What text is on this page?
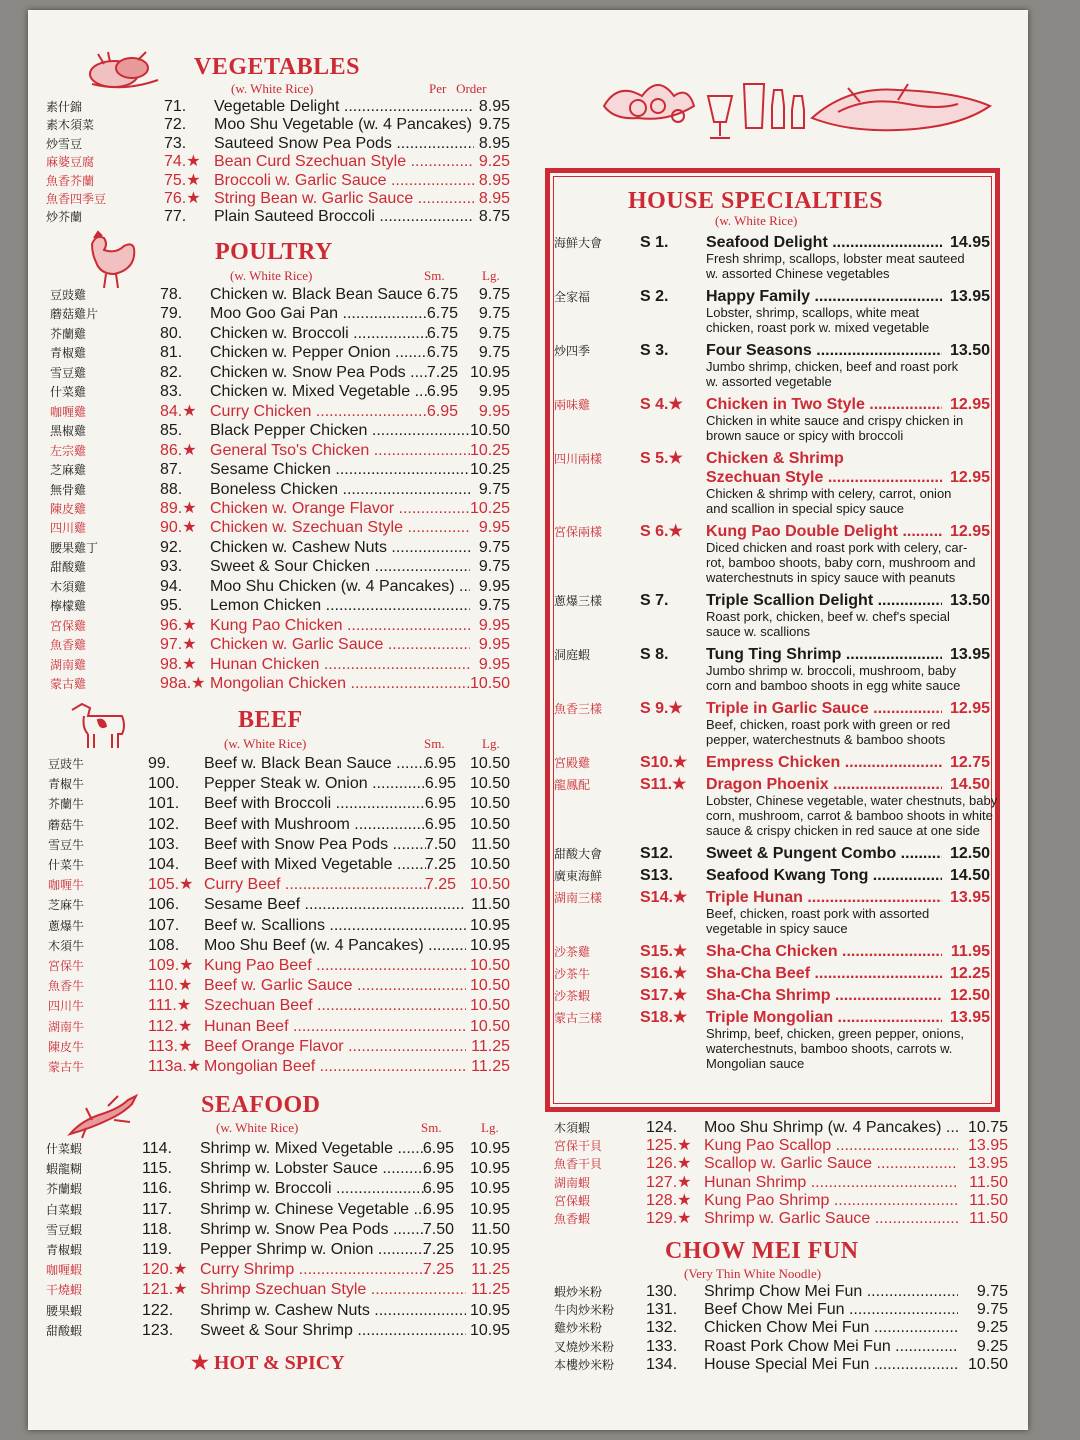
VEGETABLES
(w. White Rice)	Per   Order
素什錦	71. Vegetable Delight .....	8.95
素木須菜	72. Moo Shu Vegetable (w. 4 Pancakes) ..... 9.75
炒雪豆	73. Sauteed Snow Pea Pods .....	8.95
麻婆豆腐	74.★ Bean Curd Szechuan Style .....	9.25
魚香芥蘭	75.★ Broccoli w. Garlic Sauce .....	8.95
魚香四季豆	76.★ String Bean w. Garlic Sauce .....	8.95
炒芥蘭	77. Plain Sauteed Broccoli .....	8.75
POULTRY
(w. White Rice)	Sm.	Lg.
豆豉雞	78. Chicken w. Black Bean Sauce ..... 6.75 9.75
蘑菇雞片	79. Moo Goo Gai Pan .....	6.75 9.75
芥蘭雞	80. Chicken w. Broccoli .....	6.75 9.75
青椒雞	81. Chicken w. Pepper Onion .....	6.75 9.75
雪豆雞	82. Chicken w. Snow Pea Pods .....	7.25 10.95
什菜雞	83. Chicken w. Mixed Vegetable .....	6.95 9.95
咖喱雞	84.★ Curry Chicken .....	6.95 9.95
黑椒雞	85. Black Pepper Chicken .....	10.50
左宗雞	86.★ General Tso's Chicken .....	10.25
芝麻雞	87. Sesame Chicken .....	10.25
無骨雞	88. Boneless Chicken .....	9.75
陳皮雞	89.★ Chicken w. Orange Flavor .....	10.25
四川雞	90.★ Chicken w. Szechuan Style .....	9.95
腰果雞丁	92. Chicken w. Cashew Nuts .....	9.75
甜酸雞	93. Sweet & Sour Chicken .....	9.75
木須雞	94. Moo Shu Chicken (w. 4 Pancakes) .....	9.95
檸檬雞	95. Lemon Chicken .....	9.75
宮保雞	96.★ Kung Pao Chicken .....	9.95
魚香雞	97.★ Chicken w. Garlic Sauce .....	9.95
湖南雞	98.★ Hunan Chicken .....	9.95
蒙古雞	98a.★ Mongolian Chicken .....	10.50
BEEF
(w. White Rice)	Sm.	Lg.
豆豉牛	99. Beef w. Black Bean Sauce .....	6.95 10.50
青椒牛	100. Pepper Steak w. Onion .....	6.95 10.50
芥蘭牛	101. Beef with Broccoli .....	6.95 10.50
蘑菇牛	102. Beef with Mushroom .....	6.95 10.50
雪豆牛	103. Beef with Snow Pea Pods .....	7.50 11.50
什菜牛	104. Beef with Mixed Vegetable .....	7.25 10.50
咖喱牛	105.★ Curry Beef .....	7.25 10.50
芝麻牛	106. Sesame Beef .....	11.50
蔥爆牛	107. Beef w. Scallions .....	10.95
木須牛	108. Moo Shu Beef (w. 4 Pancakes) .....	10.95
宮保牛	109.★ Kung Pao Beef .....	10.50
魚香牛	110.★ Beef w. Garlic Sauce .....	10.50
四川牛	111.★ Szechuan Beef .....	10.50
湖南牛	112.★ Hunan Beef .....	10.50
陳皮牛	113.★ Beef Orange Flavor .....	11.25
蒙古牛	113a.★ Mongolian Beef .....	11.25
SEAFOOD
(w. White Rice)	Sm.	Lg.
什菜蝦	114. Shrimp w. Mixed Vegetable .....	6.95 10.95
蝦龍糊	115. Shrimp w. Lobster Sauce .....	6.95 10.95
芥蘭蝦	116. Shrimp w. Broccoli .....	6.95 10.95
白菜蝦	117. Shrimp w. Chinese Vegetable ..... 6.95 10.95
雪豆蝦	118. Shrimp w. Snow Pea Pods .....	7.50 11.50
青椒蝦	119. Pepper Shrimp w. Onion .....	7.25 10.95
咖喱蝦	120.★ Curry Shrimp .....	7.25 11.25
干燒蝦	121.★ Shrimp Szechuan Style .....	11.25
腰果蝦	122. Shrimp w. Cashew Nuts .....	10.95
甜酸蝦	123. Sweet & Sour Shrimp .....	10.95
★ HOT & SPICY
HOUSE SPECIALTIES
(w. White Rice)
海鮮大會	S 1. Seafood Delight .....	14.95
Fresh shrimp, scallops, lobster meat sauteed
w. assorted Chinese vegetables
全家福	S 2. Happy Family .....	13.95
Lobster, shrimp, scallops, white meat
chicken, roast pork w. mixed vegetable
炒四季	S 3. Four Seasons .....	13.50
Jumbo shrimp, chicken, beef and roast pork
w. assorted vegetable
兩味雞	S 4.★ Chicken in Two Style .....	12.95
Chicken in white sauce and crispy chicken in
brown sauce or spicy with broccoli
四川兩樣	S 5.★ Chicken & Shrimp
Szechuan Style .....	12.95
Chicken & shrimp with celery, carrot, onion
and scallion in special spicy sauce
宮保兩樣	S 6.★ Kung Pao Double Delight .....	12.95
Diced chicken and roast pork with celery, car-
rot, bamboo shoots, baby corn, mushroom and
waterchestnuts in spicy sauce with peanuts
蔥爆三樣	S 7. Triple Scallion Delight .....	13.50
Roast pork, chicken, beef w. chef's special
sauce w. scallions
洞庭蝦	S 8. Tung Ting Shrimp .....	13.95
Jumbo shrimp w. broccoli, mushroom, baby
corn and bamboo shoots in egg white sauce
魚香三樣	S 9.★ Triple in Garlic Sauce .....	12.95
Beef, chicken, roast pork with green or red
pepper, waterchestnuts & bamboo shoots
宮殿雞	S10.★ Empress Chicken .....	12.75
龍鳳配	S11.★ Dragon Phoenix .....	14.50
Lobster, Chinese vegetable, water chestnuts, baby
corn, mushroom, carrot & bamboo shoots in white
sauce & crispy chicken in red sauce at one side
甜酸大會	S12. Sweet & Pungent Combo .....	12.50
廣東海鮮	S13. Seafood Kwang Tong .....	14.50
湖南三樣	S14.★ Triple Hunan .....	13.95
Beef, chicken, roast pork with assorted
vegetable in spicy sauce
沙茶雞	S15.★ Sha-Cha Chicken .....	11.95
沙茶牛	S16.★ Sha-Cha Beef .....	12.25
沙茶蝦	S17.★ Sha-Cha Shrimp .....	12.50
蒙古三樣	S18.★ Triple Mongolian .....	13.95
Shrimp, beef, chicken, green pepper, onions,
waterchestnuts, bamboo shoots, carrots w.
Mongolian sauce
木須蝦	124. Moo Shu Shrimp (w. 4 Pancakes) .....	10.75
宮保干貝	125.★ Kung Pao Scallop .....	13.95
魚香干貝	126.★ Scallop w. Garlic Sauce .....	13.95
湖南蝦	127.★ Hunan Shrimp .....	11.50
宮保蝦	128.★ Kung Pao Shrimp .....	11.50
魚香蝦	129.★ Shrimp w. Garlic Sauce .....	11.50
CHOW MEI FUN
(Very Thin White Noodle)
蝦炒米粉	130. Shrimp Chow Mei Fun .....	9.75
牛肉炒米粉	131. Beef Chow Mei Fun .....	9.75
雞炒米粉	132. Chicken Chow Mei Fun .....	9.25
叉燒炒米粉	133. Roast Pork Chow Mei Fun .....	9.25
本樓炒米粉	134. House Special Mei Fun .....	10.50
